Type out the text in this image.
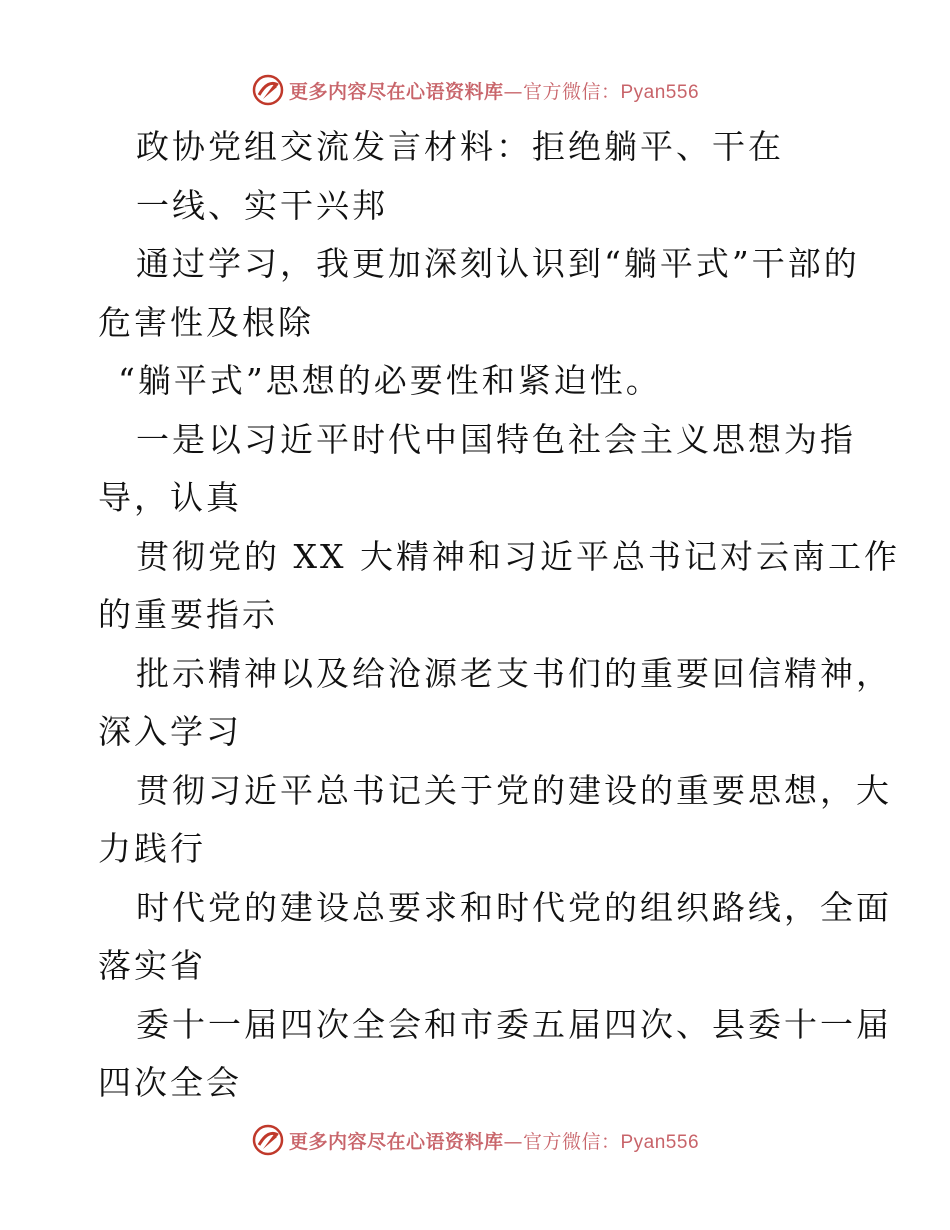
更多内容尽在心语资料库—官方微信：Pyan556
政协党组交流发言材料：拒绝躺平、干在
一线、实干兴邦
通过学习，我更加深刻认识到“躺平式”干部的
危害性及根除
“躺平式”思想的必要性和紧迫性。
一是以习近平时代中国特色社会主义思想为指
导，认真
贯彻党的 XX 大精神和习近平总书记对云南工作
的重要指示
批示精神以及给沧源老支书们的重要回信精神，
深入学习
贯彻习近平总书记关于党的建设的重要思想，大
力践行
时代党的建设总要求和时代党的组织路线，全面
落实省
委十一届四次全会和市委五届四次、县委十一届
四次全会
更多内容尽在心语资料库—官方微信：Pyan556
